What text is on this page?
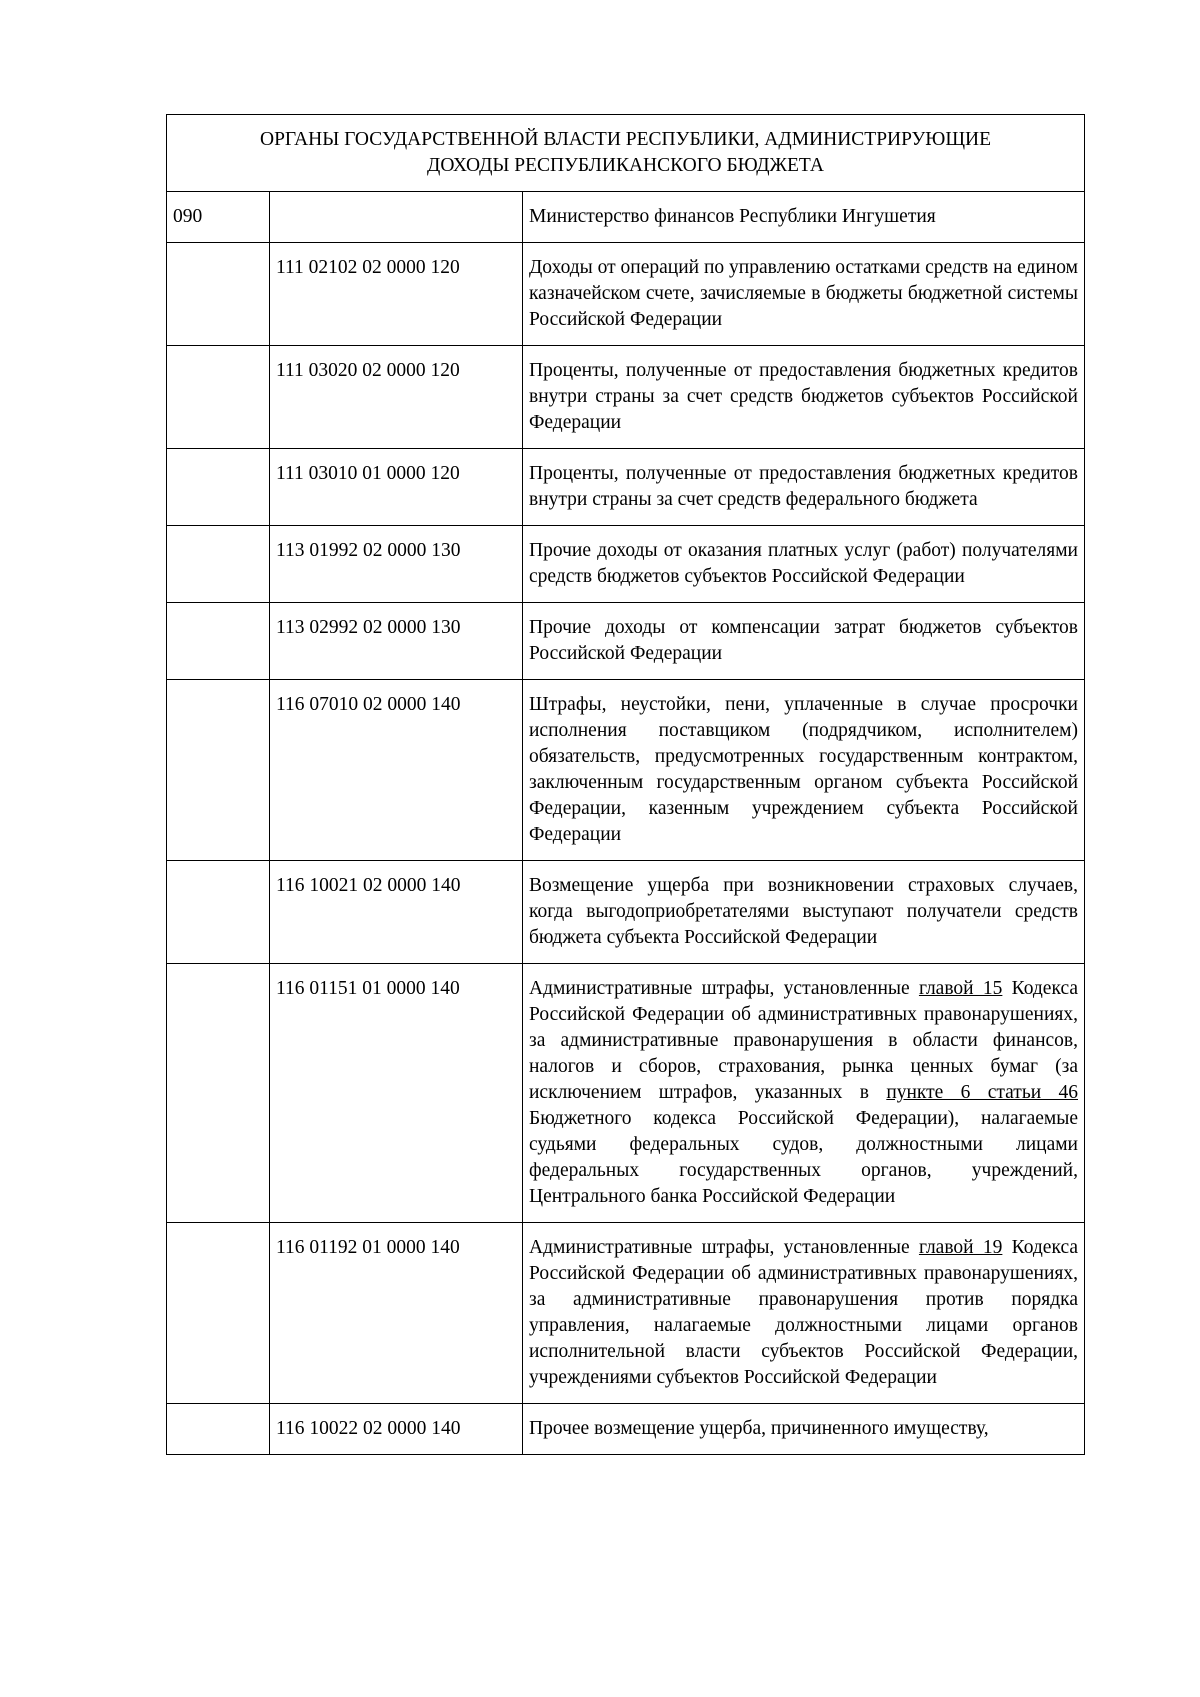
ОРГАНЫ ГОСУДАРСТВЕННОЙ ВЛАСТИ РЕСПУБЛИКИ, АДМИНИСТРИРУЮЩИЕ
ДОХОДЫ РЕСПУБЛИКАНСКОГО БЮДЖЕТА		
090		Министерство финансов Республики Ингушетия
	111 02102 02 0000 120	Доходы от операций по управлению остатками средств на едином казначейском счете, зачисляемые в бюджеты бюджетной системы Российской Федерации
	111 03020 02 0000 120	Проценты, полученные от предоставления бюджетных кредитов внутри страны за счет средств бюджетов субъектов Российской Федерации
	111 03010 01 0000 120	Проценты, полученные от предоставления бюджетных кредитов внутри страны за счет средств федерального бюджета
	113 01992 02 0000 130	Прочие доходы от оказания платных услуг (работ) получателями средств бюджетов субъектов Российской Федерации
	113 02992 02 0000 130	Прочие доходы от компенсации затрат бюджетов субъектов Российской Федерации
	116 07010 02 0000 140	Штрафы, неустойки, пени, уплаченные в случае просрочки исполнения поставщиком (подрядчиком, исполнителем) обязательств, предусмотренных государственным контрактом, заключенным государственным органом субъекта Российской Федерации, казенным учреждением субъекта Российской Федерации
	116 10021 02 0000 140	Возмещение ущерба при возникновении страховых случаев, когда выгодоприобретателями выступают получатели средств бюджета субъекта Российской Федерации
	116 01151 01 0000 140	Административные штрафы, установленные главой 15 Кодекса Российской Федерации об административных правонарушениях, за административные правонарушения в области финансов, налогов и сборов, страхования, рынка ценных бумаг (за исключением штрафов, указанных в пункте 6 статьи 46 Бюджетного кодекса Российской Федерации), налагаемые судьями федеральных судов, должностными лицами федеральных государственных органов, учреждений, Центрального банка Российской Федерации
	116 01192 01 0000 140	Административные штрафы, установленные главой 19 Кодекса Российской Федерации об административных правонарушениях, за административные правонарушения против порядка управления, налагаемые должностными лицами органов исполнительной власти субъектов Российской Федерации, учреждениями субъектов Российской Федерации
	116 10022 02 0000 140	Прочее возмещение ущерба, причиненного имуществу,
